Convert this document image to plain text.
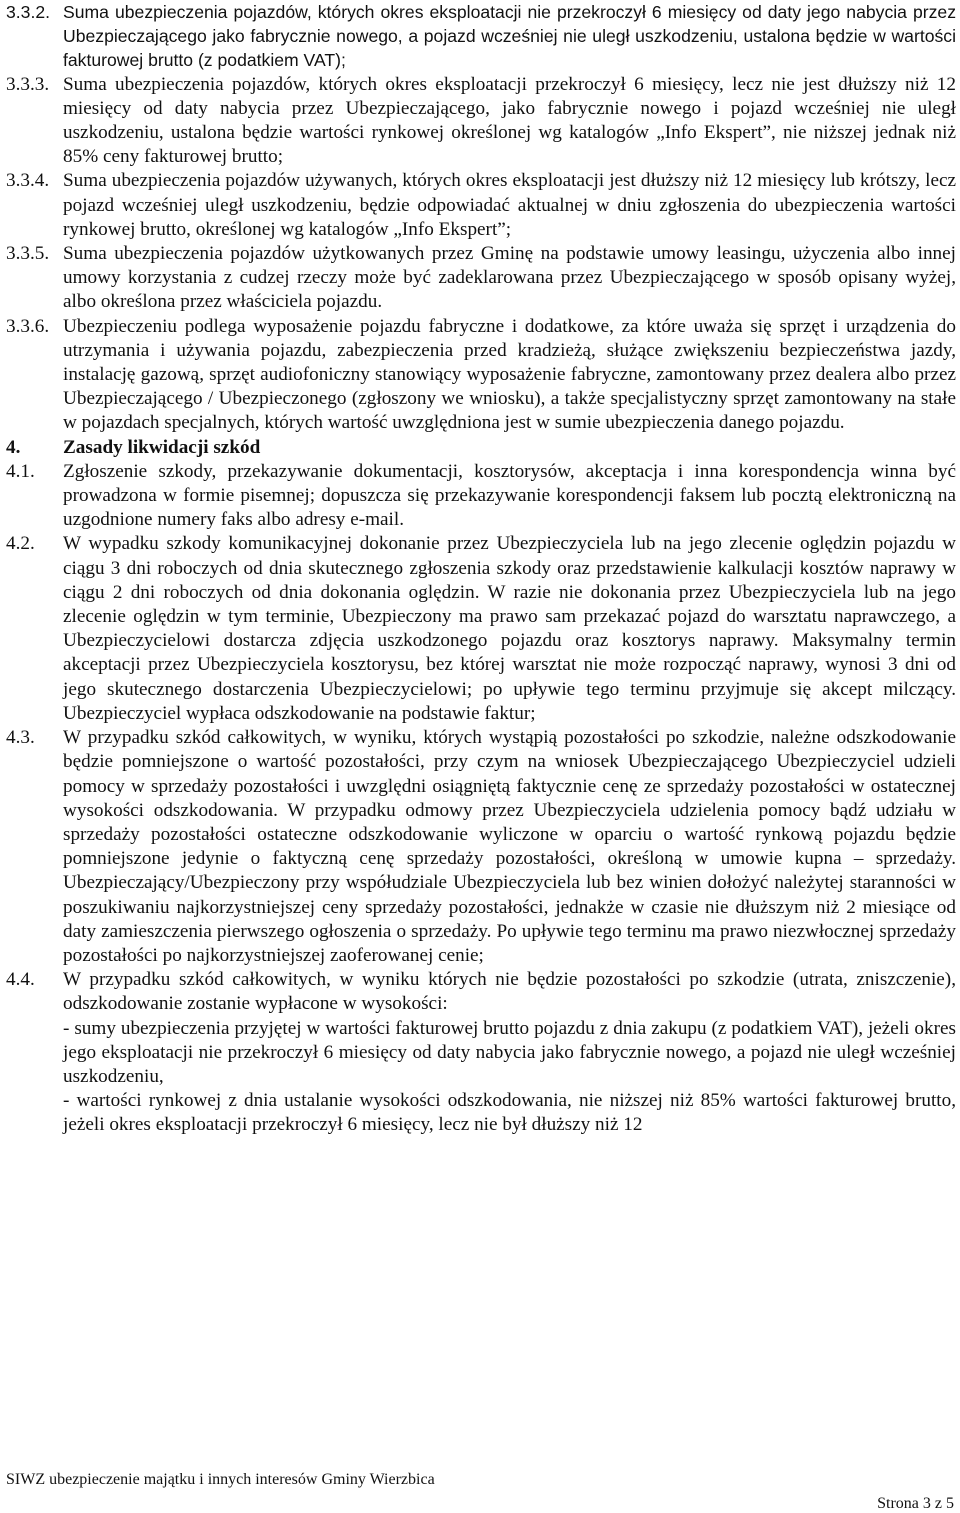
3.3.2. Suma ubezpieczenia pojazdów, których okres eksploatacji nie przekroczył 6 miesięcy od daty jego nabycia przez Ubezpieczającego jako fabrycznie nowego, a pojazd wcześniej nie uległ uszkodzeniu, ustalona będzie w wartości fakturowej brutto (z podatkiem VAT);

3.3.3. Suma ubezpieczenia pojazdów, których okres eksploatacji przekroczył 6 miesięcy, lecz nie jest dłuższy niż 12 miesięcy od daty nabycia przez Ubezpieczającego, jako fabrycznie nowego i pojazd wcześniej nie uległ uszkodzeniu, ustalona będzie wartości rynkowej określonej wg katalogów „Info Ekspert”, nie niższej jednak niż 85% ceny fakturowej brutto;

3.3.4. Suma ubezpieczenia pojazdów używanych, których okres eksploatacji jest dłuższy niż 12 miesięcy lub krótszy, lecz pojazd wcześniej uległ uszkodzeniu, będzie odpowiadać aktualnej w dniu zgłoszenia do ubezpieczenia wartości rynkowej brutto, określonej wg katalogów „Info Ekspert”;

3.3.5. Suma ubezpieczenia pojazdów użytkowanych przez Gminę na podstawie umowy leasingu, użyczenia albo innej umowy korzystania z cudzej rzeczy może być zadeklarowana przez Ubezpieczającego w sposób opisany wyżej, albo określona przez właściciela pojazdu.

3.3.6. Ubezpieczeniu podlega wyposażenie pojazdu fabryczne i dodatkowe, za które uważa się sprzęt i urządzenia do utrzymania i używania pojazdu, zabezpieczenia przed kradzieżą, służące zwiększeniu bezpieczeństwa jazdy, instalację gazową, sprzęt audiofoniczny stanowiący wyposażenie fabryczne, zamontowany przez dealera albo przez Ubezpieczającego / Ubezpieczonego (zgłoszony we wniosku), a także specjalistyczny sprzęt zamontowany na stałe w pojazdach specjalnych, których wartość uwzględniona jest w sumie ubezpieczenia danego pojazdu.

4.	Zasady likwidacji szkód

4.1.	Zgłoszenie szkody, przekazywanie dokumentacji, kosztorysów, akceptacja i inna korespondencja winna być prowadzona w formie pisemnej; dopuszcza się przekazywanie korespondencji faksem lub pocztą elektroniczną na uzgodnione numery faks albo adresy e-mail.

4.2.	W wypadku szkody komunikacyjnej dokonanie przez Ubezpieczyciela lub na jego zlecenie oględzin pojazdu w ciągu 3 dni roboczych od dnia skutecznego zgłoszenia szkody oraz przedstawienie kalkulacji kosztów naprawy w ciągu 2 dni roboczych od dnia dokonania oględzin. W razie nie dokonania przez Ubezpieczyciela lub na jego zlecenie oględzin w tym terminie, Ubezpieczony ma prawo sam przekazać pojazd do warsztatu naprawczego, a Ubezpieczycielowi dostarcza zdjęcia uszkodzonego pojazdu oraz kosztorys naprawy. Maksymalny termin akceptacji przez Ubezpieczyciela kosztorysu, bez której warsztat nie może rozpocząć naprawy, wynosi 3 dni od jego skutecznego dostarczenia Ubezpieczycielowi; po upływie tego terminu przyjmuje się akcept milczący. Ubezpieczyciel wypłaca odszkodowanie na podstawie faktur;

4.3.	W przypadku szkód całkowitych, w wyniku, których wystąpią pozostałości po szkodzie, należne odszkodowanie będzie pomniejszone o wartość pozostałości, przy czym na wniosek Ubezpieczającego Ubezpieczyciel udzieli pomocy w sprzedaży pozostałości i uwzględni osiągniętą faktycznie cenę ze sprzedaży pozostałości w ostatecznej wysokości odszkodowania. W przypadku odmowy przez Ubezpieczyciela udzielenia pomocy bądź udziału w sprzedaży pozostałości ostateczne odszkodowanie wyliczone w oparciu o wartość rynkową pojazdu będzie pomniejszone jedynie o faktyczną cenę sprzedaży pozostałości, określoną w umowie kupna – sprzedaży. Ubezpieczający/Ubezpieczony przy współudziale Ubezpieczyciela lub bez winien dołożyć należytej staranności w poszukiwaniu najkorzystniejszej ceny sprzedaży pozostałości, jednakże w czasie nie dłuższym niż 2 miesiące od daty zamieszczenia pierwszego ogłoszenia o sprzedaży. Po upływie tego terminu ma prawo niezwłocznej sprzedaży pozostałości po najkorzystniejszej zaoferowanej cenie;

4.4.	W przypadku szkód całkowitych, w wyniku których nie będzie pozostałości po szkodzie (utrata, zniszczenie), odszkodowanie zostanie wypłacone w wysokości:

- sumy ubezpieczenia przyjętej w wartości fakturowej brutto pojazdu z dnia zakupu (z podatkiem VAT), jeżeli okres jego eksploatacji nie przekroczył 6 miesięcy od daty nabycia jako fabrycznie nowego, a pojazd nie uległ wcześniej uszkodzeniu,

- wartości rynkowej z dnia ustalanie wysokości odszkodowania, nie niższej niż 85% wartości fakturowej brutto, jeżeli okres eksploatacji przekroczył 6 miesięcy, lecz nie był dłuższy niż 12

SIWZ ubezpieczenie majątku i innych interesów Gminy Wierzbica
Strona 3 z 5
